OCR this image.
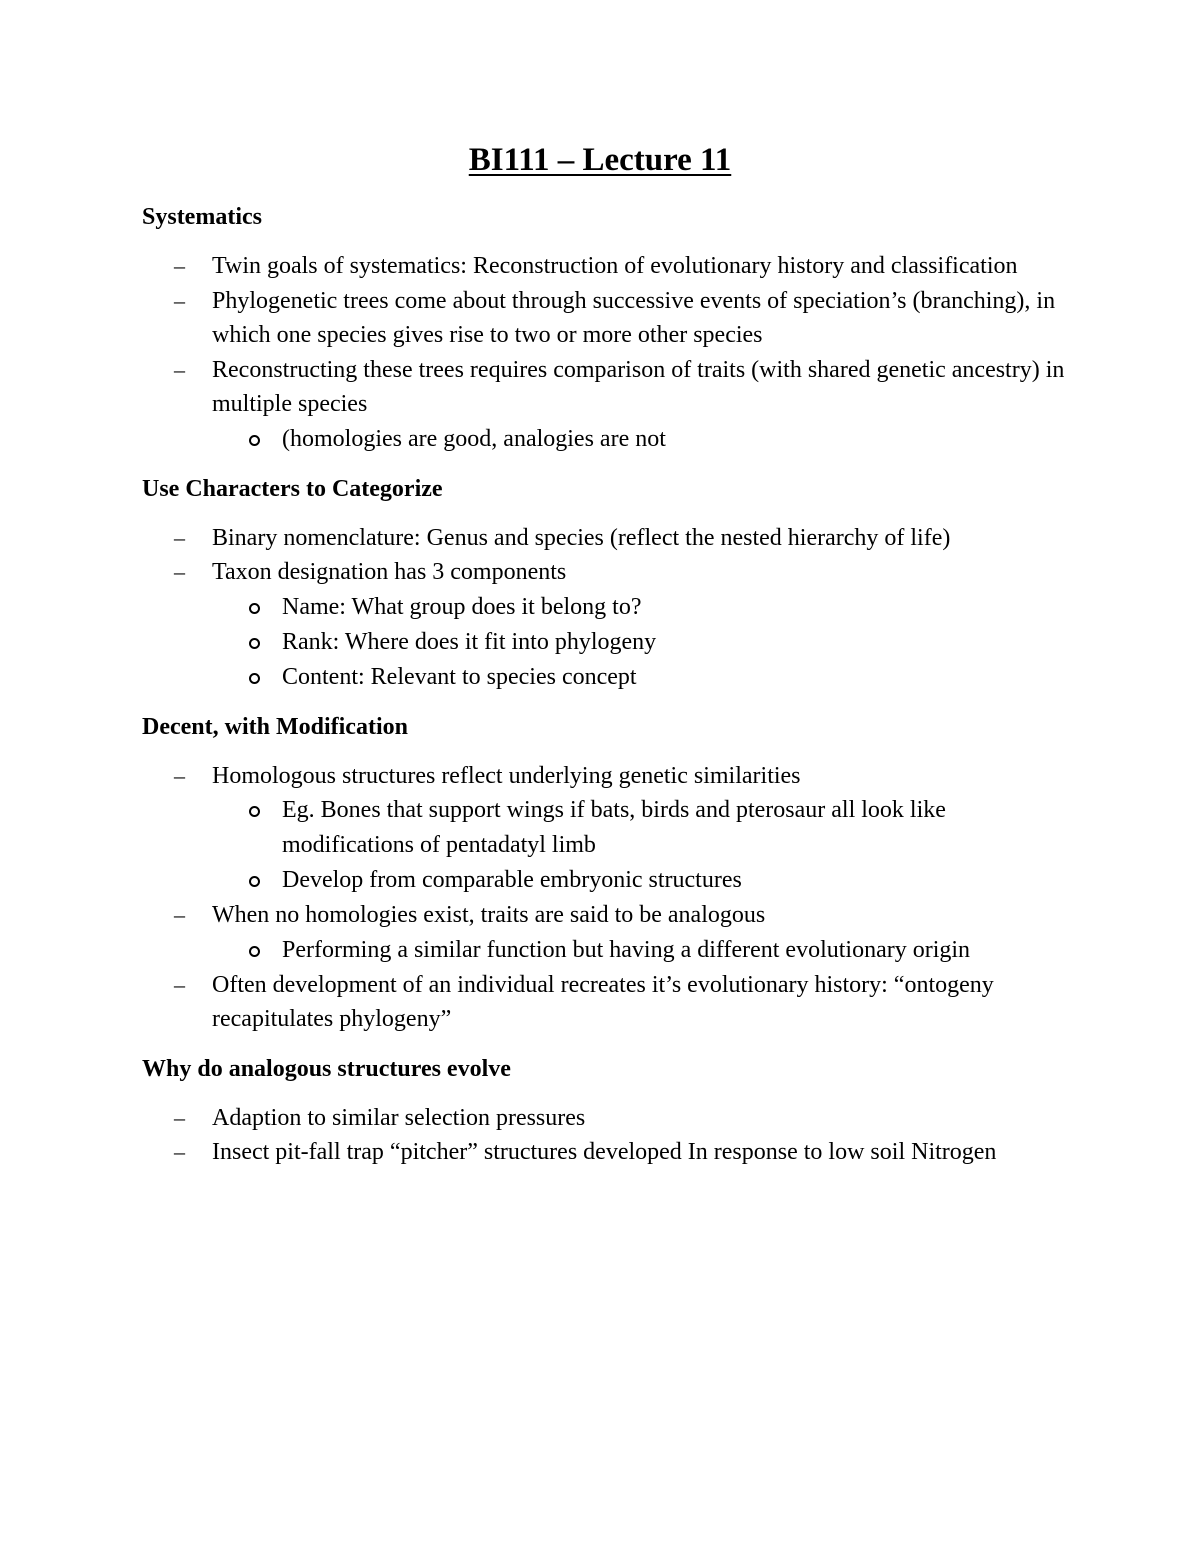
BI111 – Lecture 11
Systematics
– Twin goals of systematics: Reconstruction of evolutionary history and classification
– Phylogenetic trees come about through successive events of speciation’s (branching), in which one species gives rise to two or more other species
– Reconstructing these trees requires comparison of traits (with shared genetic ancestry) in multiple species
(homologies are good, analogies are not
Use Characters to Categorize
– Binary nomenclature: Genus and species (reflect the nested hierarchy of life)
– Taxon designation has 3 components
Name: What group does it belong to?
Rank: Where does it fit into phylogeny
Content: Relevant to species concept
Decent, with Modification
– Homologous structures reflect underlying genetic similarities
Eg. Bones that support wings if bats, birds and pterosaur all look like modifications of pentadatyl limb
Develop from comparable embryonic structures
– When no homologies exist, traits are said to be analogous
Performing a similar function but having a different evolutionary origin
– Often development of an individual recreates it’s evolutionary history: “ontogeny recapitulates phylogeny”
Why do analogous structures evolve
– Adaption to similar selection pressures
– Insect pit-fall trap “pitcher” structures developed In response to low soil Nitrogen
